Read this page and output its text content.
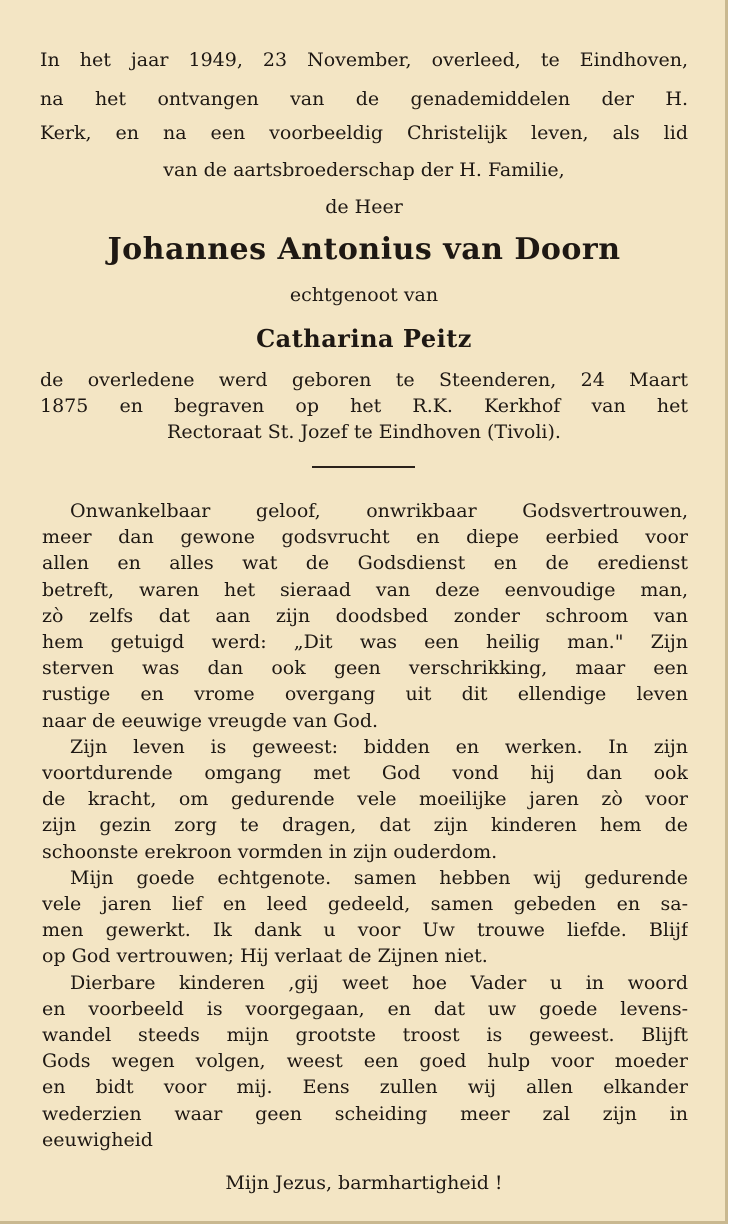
In het jaar 1949, 23 November, overleed, te Eindhoven,
na het ontvangen van de genademiddelen der H.
Kerk, en na een voorbeeldig Christelijk leven, als lid
van de aartsbroederschap der H. Familie,
de Heer
Johannes Antonius van Doorn
echtgenoot van
Catharina Peitz
de overledene werd geboren te Steenderen, 24 Maart
1875 en begraven op het R.K. Kerkhof van het
Rectoraat St. Jozef te Eindhoven (Tivoli).
Onwankelbaar geloof, onwrikbaar Godsvertrouwen,
meer dan gewone godsvrucht en diepe eerbied voor
allen en alles wat de Godsdienst en de eredienst
betreft, waren het sieraad van deze eenvoudige man,
zò zelfs dat aan zijn doodsbed zonder schroom van
hem getuigd werd: „Dit was een heilig man." Zijn
sterven was dan ook geen verschrikking, maar een
rustige en vrome overgang uit dit ellendige leven
naar de eeuwige vreugde van God.
Zijn leven is geweest: bidden en werken. In zijn
voortdurende omgang met God vond hij dan ook
de kracht, om gedurende vele moeilijke jaren zò voor
zijn gezin zorg te dragen, dat zijn kinderen hem de
schoonste erekroon vormden in zijn ouderdom.
Mijn goede echtgenote. samen hebben wij gedurende
vele jaren lief en leed gedeeld, samen gebeden en sa-
men gewerkt. Ik dank u voor Uw trouwe liefde. Blijf
op God vertrouwen; Hij verlaat de Zijnen niet.
Dierbare kinderen ,gij weet hoe Vader u in woord
en voorbeeld is voorgegaan, en dat uw goede levens-
wandel steeds mijn grootste troost is geweest. Blijft
Gods wegen volgen, weest een goed hulp voor moeder
en bidt voor mij. Eens zullen wij allen elkander
wederzien waar geen scheiding meer zal zijn in
eeuwigheid
Mijn Jezus, barmhartigheid !
